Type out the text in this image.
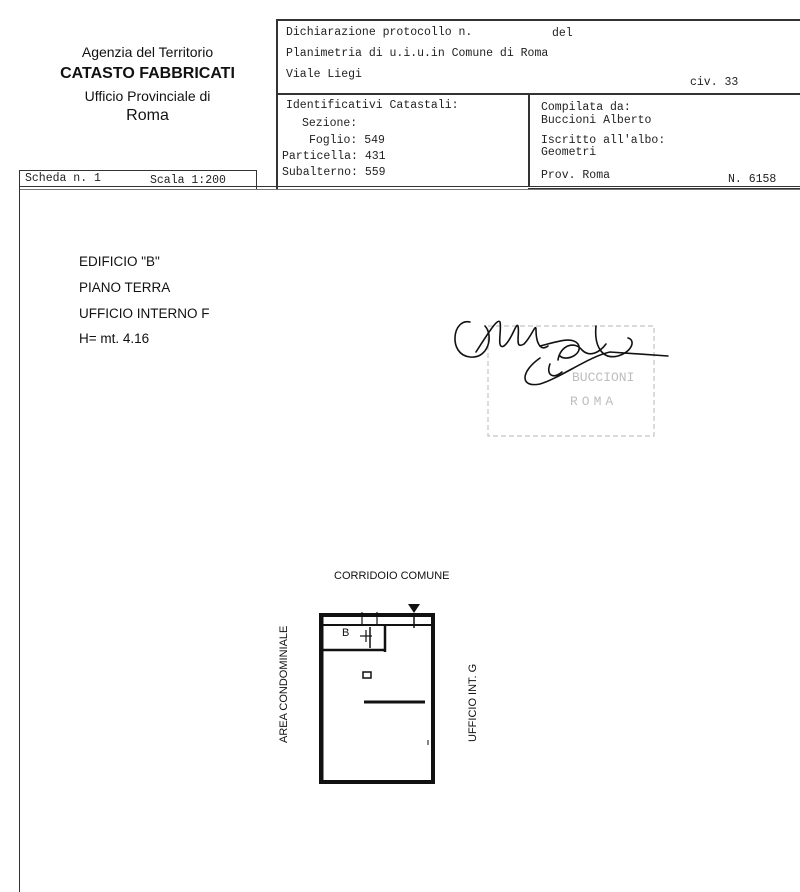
Agenzia del Territorio
CATASTO FABBRICATI
Ufficio Provinciale di
Roma
Dichiarazione protocollo n.	del
Planimetria di u.i.u.in Comune di Roma
Viale Liegi
civ. 33
Identificativi Catastali:
Sezione:
Foglio: 549
Particella: 431
Subalterno: 559
Compilata da:
Buccioni Alberto
Iscritto all'albo:
Geometri
Prov. Roma	N. 6158
Scheda n. 1	Scala 1:200
EDIFICIO "B"
PIANO TERRA
UFFICIO INTERNO F
H= mt. 4.16
BUCCIONI
ROMA
CORRIDOIO COMUNE
B
AREA CONDOMINIALE	UFFICIO INT. G
